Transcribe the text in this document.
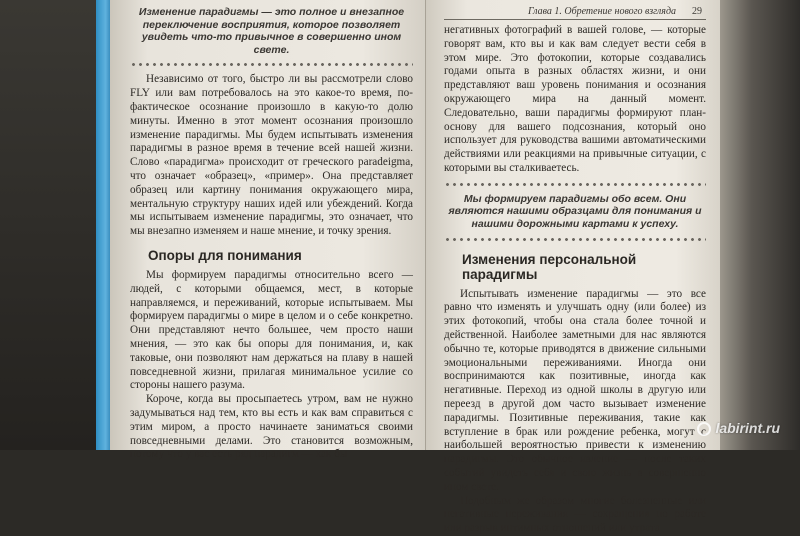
Изменение парадигмы — это полное и внезапное переключение восприятия, которое позволяет увидеть что-то привычное в совершенно ином свете.

Независимо от того, быстро ли вы рассмотрели слово FLY или вам потребовалось на это какое-то время, по-фактическое осознание произошло в какую-то долю минуты. Именно в этот момент осознания произошло изменение парадигмы. Мы будем испытывать изменения парадигмы в разное время в течение всей нашей жизни. Слово «парадигма» происходит от греческого paradeigma, что означает «образец», «пример». Она представляет образец или картину понимания окружающего мира, ментальную структуру наших идей или убеждений. Когда мы испытываем изменение парадигмы, это означает, что мы внезапно изменяем и наше мнение, и точку зрения.

Опоры для понимания

Мы формируем парадигмы относительно всего — людей, с которыми общаемся, мест, в которые направляемся, и переживаний, которые испытываем. Мы формируем парадигмы о мире в целом и о себе конкретно. Они представляют нечто большее, чем просто наши мнения, — это как бы опоры для понимания, и, как таковые, они позволяют нам держаться на плаву в нашей повседневной жизни, прилагая минимальное усилие со стороны нашего разума.

Короче, когда вы просыпаетесь утром, вам не нужно задумываться над тем, кто вы есть и как вам справиться с этим миром, а просто начинаете заниматься своими повседневными делами. Это становится возможным, потому что у вас есть ряд парадигм — как бы

Глава 1. Обретение нового взгляда 29

негативных фотографий в вашей голове, — которые говорят вам, кто вы и как вам следует вести себя в этом мире. Это фотокопии, которые создавались годами опыта в разных областях жизни, и они представляют ваш уровень понимания и осознания окружающего мира на данный момент. Следовательно, ваши парадигмы формируют план-основу для вашего подсознания, который оно использует для руководства вашими автоматическими действиями или реакциями на привычные ситуации, с которыми вы сталкиваетесь.

Мы формируем парадигмы обо всем. Они являются нашими образцами для понимания и нашими дорожными картами к успеху.
Изменения персональной парадигмы

Испытывать изменение парадигмы — это все равно что изменять и улучшать одну (или более) из этих фотокопий, чтобы она стала более точной и действенной. Наиболее заметными для нас являются обычно те, которые приводятся в движение сильными эмоциональными переживаниями. Иногда они воспринимаются как позитивные, иногда как негативные. Переход из одной школы в другую или переезд в другой дом часто вызывает изменение парадигмы. Позитивные переживания, такие как вступление в брак или рождение ребенка, могут с наибольшей вероятностью привести к изменению парадигмы. Это обычное явление — после таких событий увидеть себя и свою жизнь в совершенно ином свете.

Подобным же образом многие болезненные или негативные переживания — сокращения по работе или разрыв интимных отношений или утрата

labirint.ru
